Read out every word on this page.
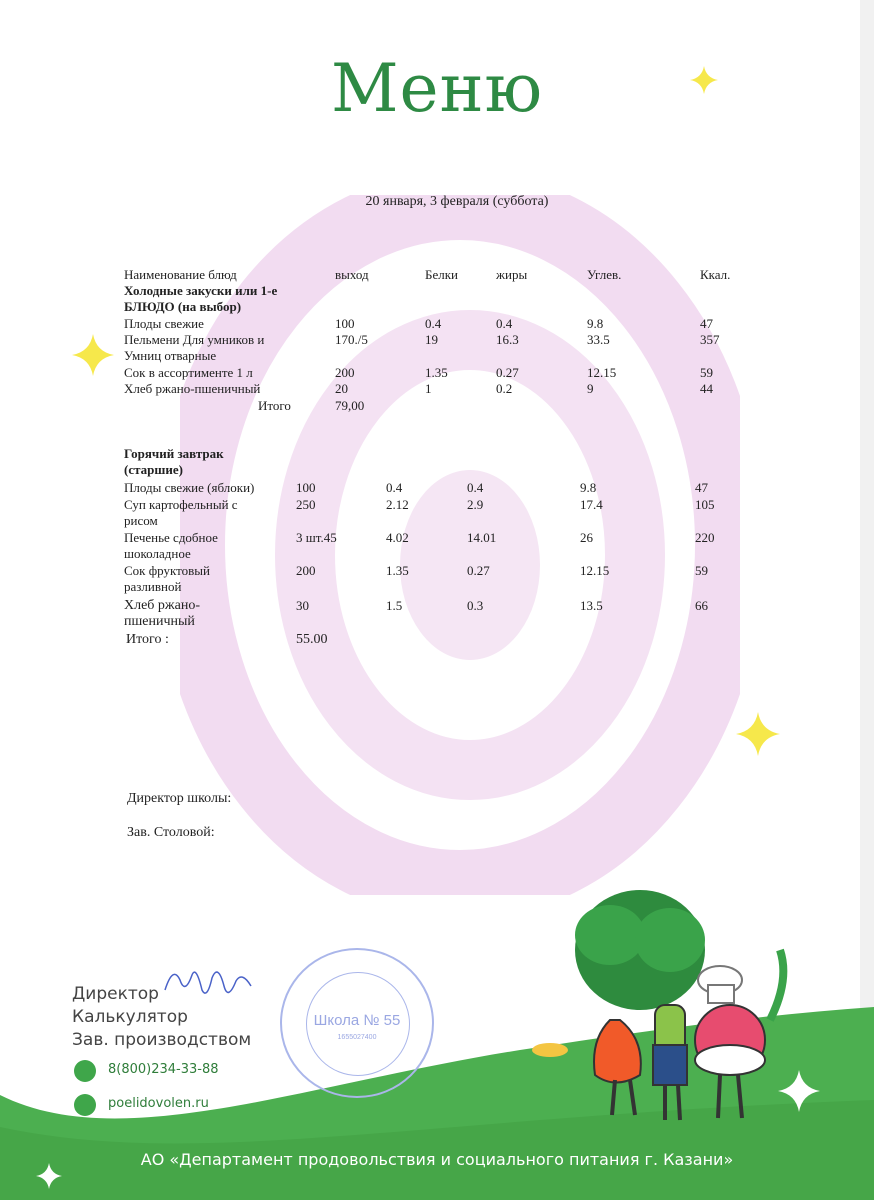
Меню
20 января, 3 февраля (суббота)
Наименование блюд	выход	Белки	жиры	Углев.	Ккал.
Холодные закуски или 1-е
БЛЮДО (на выбор)
Плоды свежие	100	0.4	0.4	9.8	47
Пельмени Для умников и
Умниц отварные
170./5	19	16.3	33.5	357
Сок в ассортименте 1 л	200	1.35	0.27	12.15	59
Хлеб ржано-пшеничный	20	1	0.2	9	44
Итого	79,00
Горячий завтрак
(старшие)
Плоды свежие (яблоки)	100	0.4	0.4	9.8	47
Суп картофельный с
рисом
250	2.12	2.9	17.4	105
Печенье сдобное
шоколадное
3 шт.45	4.02	14.01	26	220
Сок фруктовый
разливной
200	1.35	0.27	12.15	59
Хлеб ржано-
пшеничный
30	1.5	0.3	13.5	66
Итого :	55.00
Директор школы:
Зав. Столовой:
Директор
Калькулятор
Зав. производством
8(800)234-33-88
poelidovolen.ru
Школа № 55
1655027400
АО «Департамент продовольствия и социального питания г. Казани»
